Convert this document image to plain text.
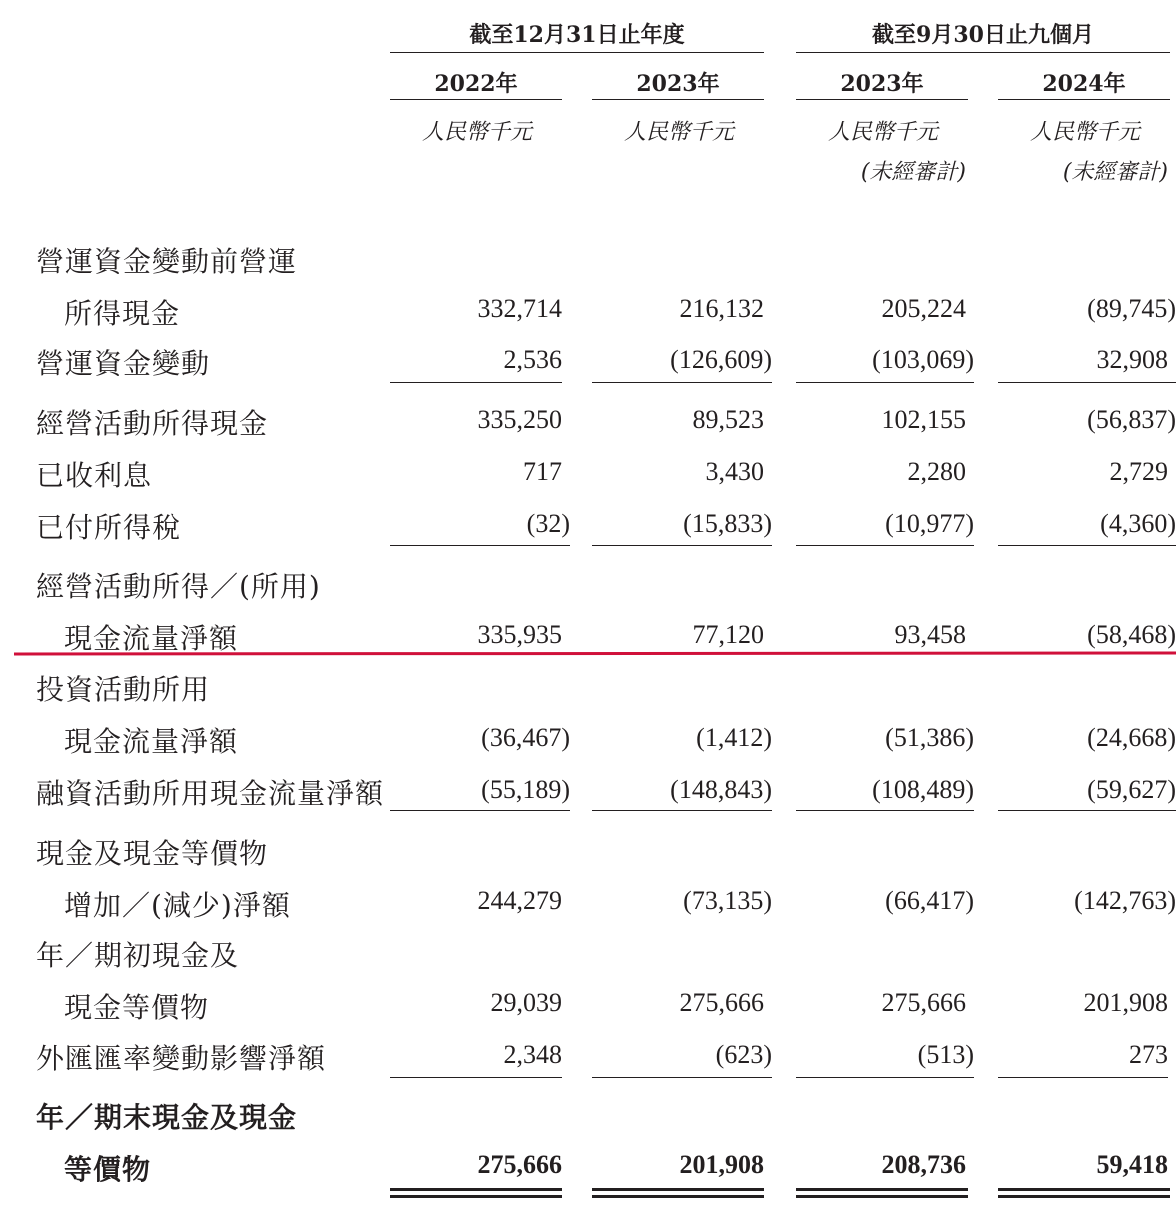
截至12月31日止年度	截至9月30日止九個月
2022年	2023年	2023年	2024年
人民幣千元	人民幣千元	人民幣千元	人民幣千元
(未經審計)	(未經審計)
營運資金變動前營運
所得現金	332,714	216,132	205,224	(89,745)
營運資金變動	2,536	(126,609)	(103,069)	32,908
經營活動所得現金	335,250	89,523	102,155	(56,837)
已收利息	717	3,430	2,280	2,729
已付所得稅	(32)	(15,833)	(10,977)	(4,360)
經營活動所得／(所用)
現金流量淨額	335,935	77,120	93,458	(58,468)
投資活動所用
現金流量淨額	(36,467)	(1,412)	(51,386)	(24,668)
融資活動所用現金流量淨額	(55,189)	(148,843)	(108,489)	(59,627)
現金及現金等價物
增加／(減少)淨額	244,279	(73,135)	(66,417)	(142,763)
年／期初現金及
現金等價物	29,039	275,666	275,666	201,908
外匯匯率變動影響淨額	2,348	(623)	(513)	273
年／期末現金及現金
等價物	275,666	201,908	208,736	59,418
